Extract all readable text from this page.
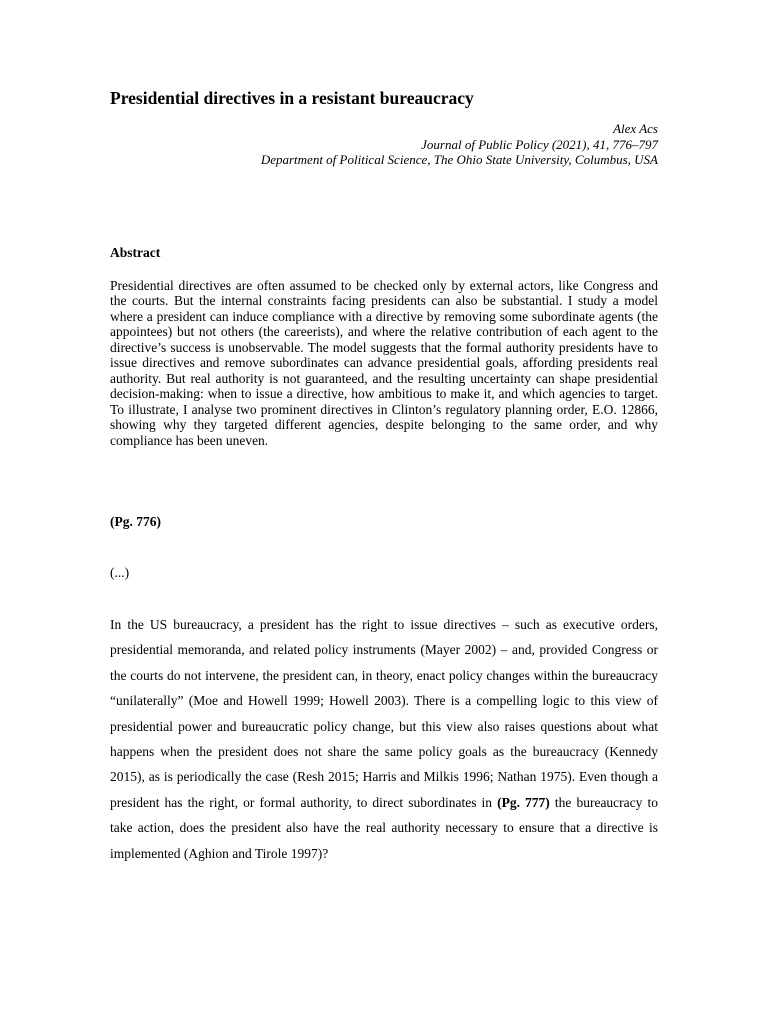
Presidential directives in a resistant bureaucracy
Alex Acs
Journal of Public Policy (2021), 41, 776–797
Department of Political Science, The Ohio State University, Columbus, USA
Abstract

Presidential directives are often assumed to be checked only by external actors, like Congress and the courts. But the internal constraints facing presidents can also be substantial. I study a model where a president can induce compliance with a directive by removing some subordinate agents (the appointees) but not others (the careerists), and where the relative contribution of each agent to the directive’s success is unobservable. The model suggests that the formal authority presidents have to issue directives and remove subordinates can advance presidential goals, affording presidents real authority. But real authority is not guaranteed, and the resulting uncertainty can shape presidential decision-making: when to issue a directive, how ambitious to make it, and which agencies to target. To illustrate, I analyse two prominent directives in Clinton’s regulatory planning order, E.O. 12866, showing why they targeted different agencies, despite belonging to the same order, and why compliance has been uneven.

(Pg. 776)
(...)

In the US bureaucracy, a president has the right to issue directives – such as executive orders, presidential memoranda, and related policy instruments (Mayer 2002) – and, provided Congress or the courts do not intervene, the president can, in theory, enact policy changes within the bureaucracy “unilaterally” (Moe and Howell 1999; Howell 2003). There is a compelling logic to this view of presidential power and bureaucratic policy change, but this view also raises questions about what happens when the president does not share the same policy goals as the bureaucracy (Kennedy 2015), as is periodically the case (Resh 2015; Harris and Milkis 1996; Nathan 1975). Even though a president has the right, or formal authority, to direct subordinates in (Pg. 777) the bureaucracy to take action, does the president also have the real authority necessary to ensure that a directive is implemented (Aghion and Tirole 1997)?
